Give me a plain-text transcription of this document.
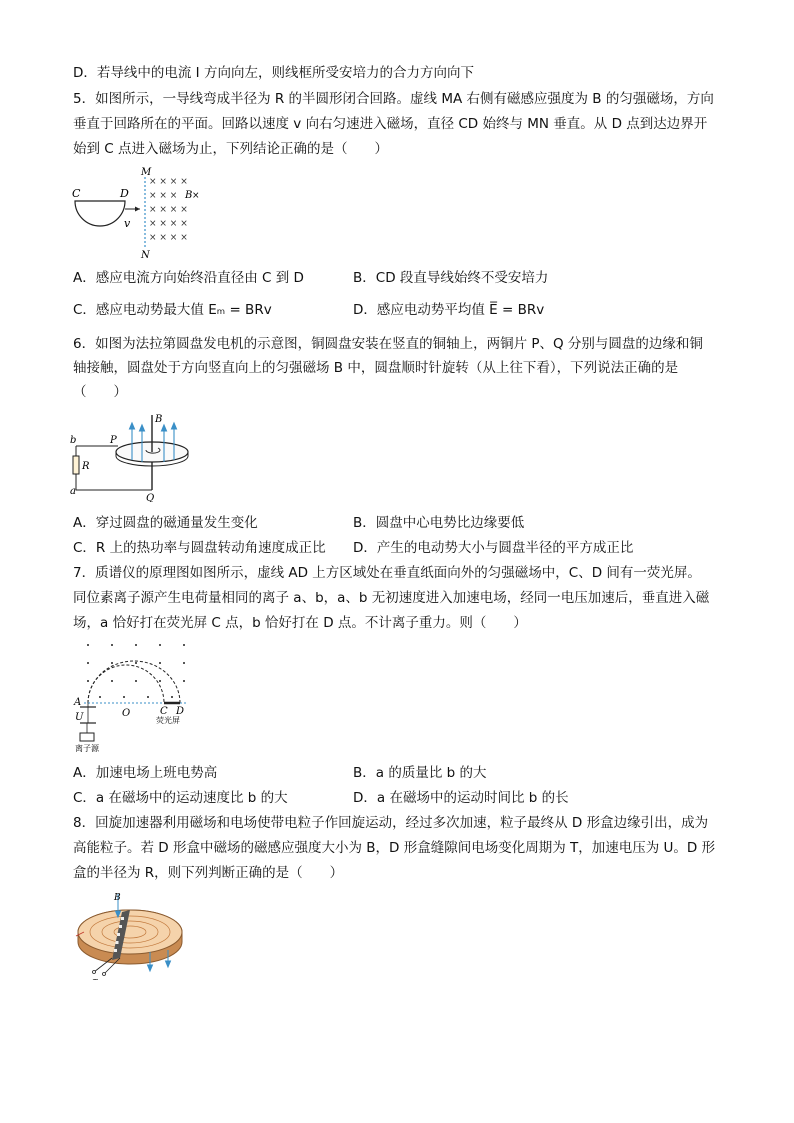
D．若导线中的电流 I 方向向左，则线框所受安培力的合力方向向下
5．如图所示，一导线弯成半径为 R 的半圆形闭合回路。虚线 MA 右侧有磁感应强度为 B 的匀强磁场，方向
垂直于回路所在的平面。回路以速度 v 向右匀速进入磁场，直径 CD 始终与 MN 垂直。从 D 点到达边界开
始到 C 点进入磁场为止，下列结论正确的是（　　）
C	D
v
M
N
× × × ×
× × ×
× × × ×
× × × ×
× × × ×
B ×
A．感应电流方向始终沿直径由 C 到 D	B．CD 段直导线始终不受安培力
C．感应电动势最大值 Eₘ = BRv	D．感应电动势平均值 E̅ = BRv
6．如图为法拉第圆盘发电机的示意图，铜圆盘安装在竖直的铜轴上，两铜片 P、Q 分别与圆盘的边缘和铜
轴接触，圆盘处于方向竖直向上的匀强磁场 B 中，圆盘顺时针旋转（从上往下看），下列说法正确的是
（　　）
B
b	P
R
a
Q
A．穿过圆盘的磁通量发生变化	B．圆盘中心电势比边缘要低
C．R 上的热功率与圆盘转动角速度成正比 D．产生的电动势大小与圆盘半径的平方成正比
7．质谱仪的原理图如图所示，虚线 AD 上方区域处在垂直纸面向外的匀强磁场中，C、D 间有一荧光屏。
同位素离子源产生电荷量相同的离子 a、b，a、b 无初速度进入加速电场，经同一电压加速后，垂直进入磁
场，a 恰好打在荧光屏 C 点，b 恰好打在 D 点。不计离子重力。则（　　）
A
U	O	C D
荧光屏
离子源
A．加速电场上班电势高	B．a 的质量比 b 的大
C．a 在磁场中的运动速度比 b 的大	D．a 在磁场中的运动时间比 b 的长
8．回旋加速器利用磁场和电场使带电粒子作回旋运动，经过多次加速，粒子最终从 D 形盒边缘引出，成为
高能粒子。若 D 形盒中磁场的磁感应强度大小为 B，D 形盒缝隙间电场变化周期为 T，加速电压为 U。D 形
盒的半径为 R，则下列判断正确的是（　　）
B
~
